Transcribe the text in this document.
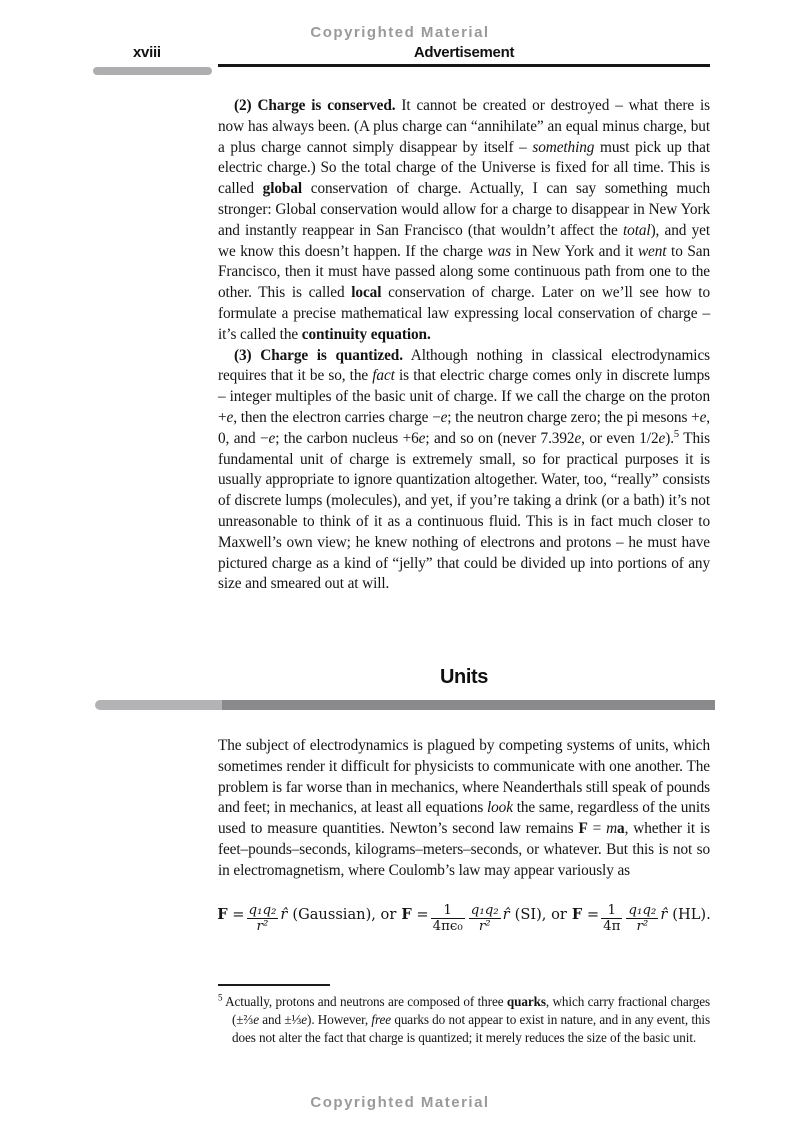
Copyrighted Material
xviii	Advertisement

(2) Charge is conserved. It cannot be created or destroyed – what there is now has always been. (A plus charge can “annihilate” an equal minus charge, but a plus charge cannot simply disappear by itself – something must pick up that electric charge.) So the total charge of the Universe is fixed for all time. This is called global conservation of charge. Actually, I can say something much stronger: Global conservation would allow for a charge to disappear in New York and instantly reappear in San Francisco (that wouldn’t affect the total), and yet we know this doesn’t happen. If the charge was in New York and it went to San Francisco, then it must have passed along some continuous path from one to the other. This is called local conservation of charge. Later on we’ll see how to formulate a precise mathematical law expressing local conservation of charge – it’s called the continuity equation.

(3) Charge is quantized. Although nothing in classical electrodynamics requires that it be so, the fact is that electric charge comes only in discrete lumps – integer multiples of the basic unit of charge. If we call the charge on the proton +e, then the electron carries charge −e; the neutron charge zero; the pi mesons +e, 0, and −e; the carbon nucleus +6e; and so on (never 7.392e, or even 1/2e).$^5$ This fundamental unit of charge is extremely small, so for practical purposes it is usually appropriate to ignore quantization altogether. Water, too, “really” consists of discrete lumps (molecules), and yet, if you’re taking a drink (or a bath) it’s not unreasonable to think of it as a continuous fluid. This is in fact much closer to Maxwell’s own view; he knew nothing of electrons and protons – he must have pictured charge as a kind of “jelly” that could be divided up into portions of any size and smeared out at will.

Units

The subject of electrodynamics is plagued by competing systems of units, which sometimes render it difficult for physicists to communicate with one another. The problem is far worse than in mechanics, where Neanderthals still speak of pounds and feet; in mechanics, at least all equations look the same, regardless of the units used to measure quantities. Newton’s second law remains F = ma, whether it is feet–pounds–seconds, kilograms–meters–seconds, or whatever. But this is not so in electromagnetism, where Coulomb’s law may appear variously as

$F = \frac{\text{q₁q₂}}{\text{r²}}$ r̂ (Gaussian), or $F = \frac{1}{\text{4πϵ₀}} \frac{\text{q₁q₂}}{\text{r²}}$ r̂ (SI), or $F = \frac{1}{4\pi} \frac{\text{q₁q₂}}{\text{r²}}$ r̂ (HL).
$^5$ Actually, protons and neutrons are composed of three quarks, which carry fractional charges (±⅔e and ±⅓e). However, free quarks do not appear to exist in nature, and in any event, this does not alter the fact that charge is quantized; it merely reduces the size of the basic unit.
Copyrighted Material
